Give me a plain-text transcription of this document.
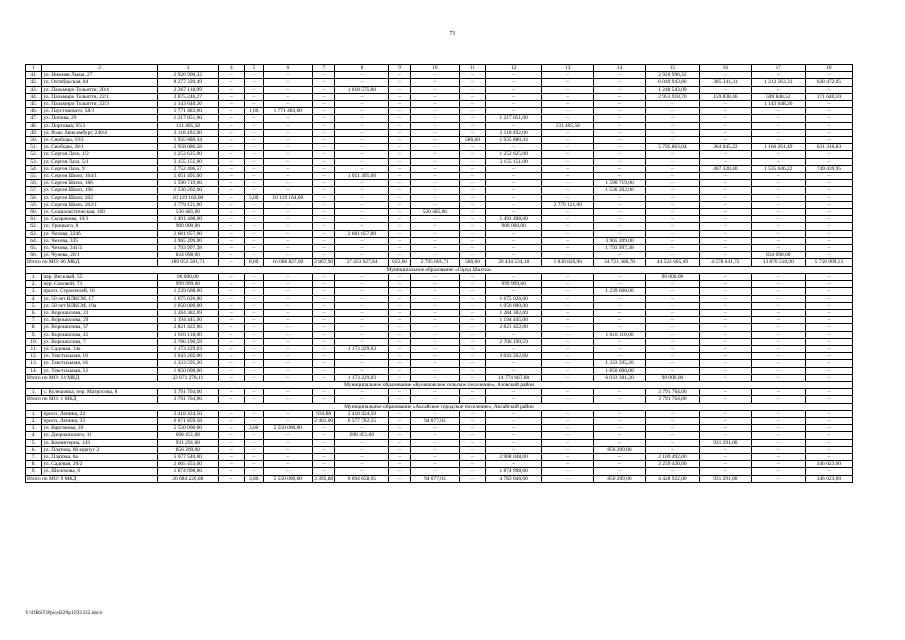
71
1	2	3	4	5	6	7	8	9	10	11	12	13	14	15	16	17	18
41.	ул. Нижняя Лыкм, 27	2 920 990,32	–	–	–	–	–	–	–	–	–	–	–	2 920 990,32	–	–	–
42.	ул. Октябрьская, 84	8 277 320,49	–	–	–	–	–	–	–	–	–	–	–	6 049 943,80	385 341,31	1 213 563,33	628 472,05
43.	ул. Пальмиро Тольятти, 20/4	2 267 118,09	–	–	–	–	1 018 575,00	–	–	–	–	–	–	1 248 543,09	–	–	–
44.	ул. Пальмиро Тольятти, 22/1	3 875 246,27	–	–	–	–	–	–	–	–	–	–	–	2 953 918,70	159 838,46	589 848,52	171 640,59
45.	ул. Пальмиро Тольятти, 22/3	1 143 648,26	–	–	–	–	–	–	–	–	–	–	–	–	–	1 143 648,26	–
46.	ул. Паустовского, 58/1	1 771 483,00	–	1,00	1 771 483,00	–	–	–	–	–	–	–	–	–	–	–	–
47.	ул. Попова, 29	1 217 051,00	–	–	–	–	–	–	–	–	1 217 051,00	–	–	–	–	–	–
48.	ул. Портовая, 95/3	131 405,58	–	–	–	–	–	–	–	–	–	131 405,58	–	–	–	–	–
49.	ул. Розы Люксембург, 240/4	2 118 492,00	–	–	–	–	–	–	–	–	2 118 492,00	–	–	–	–	–	–
50.	ул. Свободы, 19/1	1 935 880,34	–	–	–	–	–	–	–	586,60	1 935 880,34	–	–	–	–	–	–
51.	ул. Свободы, 28/1	2 958 086,58	–	–	–	–	–	–	–	–	–	–	–	5 795 863,04	364 645,22	1 166 261,49	631 316,83
52.	ул. Сергея Лазо, 1/2	1 252 625,00	–	–	–	–	–	–	–	–	1 252 625,00	–	–	–	–	–	–
53.	ул. Сергея Лазо, 5/1	3 155 151,00	–	–	–	–	–	–	–	–	3 155 151,00	–	–	–	–	–	–
54.	ул. Сергея Лазо, 9	2 752 406,57	–	–	–	–	–	–	–	–	–	–	–	–	467 320,40	1 535 646,22	749 439,95
55.	ул. Сергея Шило, 164/1	1 051 495,00	–	–	–	–	1 051 495,00	–	–	–	–	–	–	–	–	–	–
56.	ул. Сергея Шило, 186	1 590 719,00	–	–	–	–	–	–	–	–	–	–	1 590 719,00	–	–	–	–
57.	ул. Сергея Шило, 196	1 536 202,00	–	–	–	–	–	–	–	–	–	–	1 536 202,00	–	–	–	–
58.	ул. Сергея Шило, 202	10 119 164,00	–	5,00	10 119 164,00	–	–	–	–	–	–	–	–	–	–	–	–
59.	ул. Сергея Шило, 202/1	2 779 121,00	–	–	–	–	–	–	–	–	–	2 779 121,00	–	–	–	–	–
60.	ул. Социалистическая, 160	530 485,00	–	–	–	–	–	–	530 485,00	–	–	–	–	–	–	–	–
61.	ул. Сызранова, 10/3	1 491 408,00	–	–	–	–	–	–	–	–	1 491 408,00	–	–	–	–	–	–
62.	ул. Урицкого, 8	900 000,00	–	–	–	–	–	–	–	–	900 000,00	–	–	–	–	–	–
63.	ул. Чехова, 324б	2 681 657,00	–	–	–	–	2 681 657,00	–	–	–	–	–	–	–	–	–	–
64.	ул. Чехова, 335	3 965 209,00	–	–	–	–	–	–	–	–	–	–	3 965 209,00	–	–	–	–
65.	ул. Чехова, 341/5	1 793 997,38	–	–	–	–	–	–	–	–	–	–	1 793 997,38	–	–	–	–
66.	ул. Чучева, 26/1	834 098,00	–	–	–	–	–	–	–	–	–	–	–	–	–	834 098,00	–
Итого по МО: 66 МКД		180 053 501,71	–	8,00	16 088 827,00	2 867,90	37 453 627,84	622,60	2 795 601,71	586,60	20 434 534,18	1 830 826,96	34 721 388,78	44 522 605,49	4 578 641,72	13 870 518,90	5 756 909,13
Муниципальное образование «Город Шахты»																	
1.	пер. Веселый, 55	90 000,00	–	–	–	–	–	–	–	–	–	–	–	90 000,00	–	–	–
2.	пер. Сиховой, 73	999 999,60	–	–	–	–	–	–	–	–	999 999,60	–	–	–	–	–	–
3.	просп. Строителей, 16	1 239 668,00	–	–	–	–	–	–	–	–	–	–	1 239 668,00	–	–	–	–
4.	ул. 50 лет ВЛКСМ, 17	1 675 026,00	–	–	–	–	–	–	–	–	1 675 026,00	–	–	–	–	–	–
5.	ул. 50 лет ВЛКСМ, 19а	1 050 000,00	–	–	–	–	–	–	–	–	1 050 000,00	–	–	–	–	–	–
6.	ул. Ворошилова, 23	1 284 382,69	–	–	–	–	–	–	–	–	1 284 382,69	–	–	–	–	–	–
7.	ул. Ворошилова, 29	1 194 445,00	–	–	–	–	–	–	–	–	1 194 445,00	–	–	–	–	–	–
8.	ул. Ворошилова, 37	2 821 422,00	–	–	–	–	–	–	–	–	2 821 422,00	–	–	–	–	–	–
9.	ул. Ворошилова, 41	1 610 118,00	–	–	–	–	–	–	–	–	–	–	1 610 118,00	–	–	–	–
10.	ул. Ворошилова, 7	2 706 190,59	–	–	–	–	–	–	–	–	2 706 190,59	–	–	–	–	–	–
11.	ул. Садовая, 14а	1 173 229,03	–	–	–	–	1 173 229,03	–	–	–	–	–	–	–	–	–	–
12.	ул. Текстильная, 10	3 043 202,00	–	–	–	–	–	–	–	–	3 043 202,00	–	–	–	–	–	–
13.	ул. Текстильная, 16	1 333 595,20	–	–	–	–	–	–	–	–	–	–	1 333 595,20	–	–	–	–
14.	ул. Текстильная, 33	1 850 000,00	–	–	–	–	–	–	–	–	–	–	1 850 000,00	–	–	–	–
Итого по МО: 14 МКД		22 071 278,11	–	–	–	–	1 173 229,03	–	–	–	14 774 667,88	–	6 033 381,20	90 000,00	–	–	–
Муниципальное образование «Кулешовское сельское поселение», Азовский район																	
1.	с. Кулешовка, пер. Матросова, 8	3 791 764,00	–	–	–	–	–	–	–	–	–	–	–	3 791 764,00	–	–	–
Итого по МО: 1 МКД		3 791 764,00	–	–	–	–	–	–	–	–	–	–	–	3 791 764,00	–	–	–
Муниципальное образование «Аксайское городское поселение», Аксайский район																	
1.	просп. Ленина, 24	2 418 424,50	–	–	–	934,88	2 418 424,50	–	–	–	–	–	–	–	–	–	–
2.	просп. Ленина, 33	6 671 859,58	–	–	–	2 461,00	6 577 782,55	–	94 077,03	–	–	–	–	–	–	–	–
3.	ул. Вартанова, 20	5 550 000,00	–	3,00	5 550 000,00	–	–	–	–	–	–	–	–	–	–	–	–
4.	ул. Дзержинского, 1т	698 451,00	–	–	–	–	698 451,00	–	–	–	–	–	–	–	–	–	–
5.	ул. Коминтерна, 143	931 291,00	–	–	–	–	–	–	–	–	–	–	–	–	931 291,00	–	–
6.	ул. Платова, 66 корпус 2	856 209,00	–	–	–	–	–	–	–	–	–	–	856 209,00	–	–	–	–
7.	ул. Платова, 6а	5 077 540,00	–	–	–	–	–	–	–	–	2 908 048,00	–	–	2 169 492,00	–	–	–
8.	ул. Садовая, 20/2	2 605 453,00	–	–	–	–	–	–	–	–	–	–	–	2 259 430,00	–	–	346 023,00
9.	ул. Шолохова, 6	1 874 998,00	–	–	–	–	–	–	–	–	1 874 998,00	–	–	–	–	–	–
Итого по МО: 9 МКД		26 684 226,08	–	3,00	5 550 000,00	3 395,88	9 694 658,05	–	94 077,03	–	4 783 046,00	–	856 209,00	4 428 922,00	931 291,00	–	346 023,00
Y:\ORST\Ppo\d229p1193.f22.docx
